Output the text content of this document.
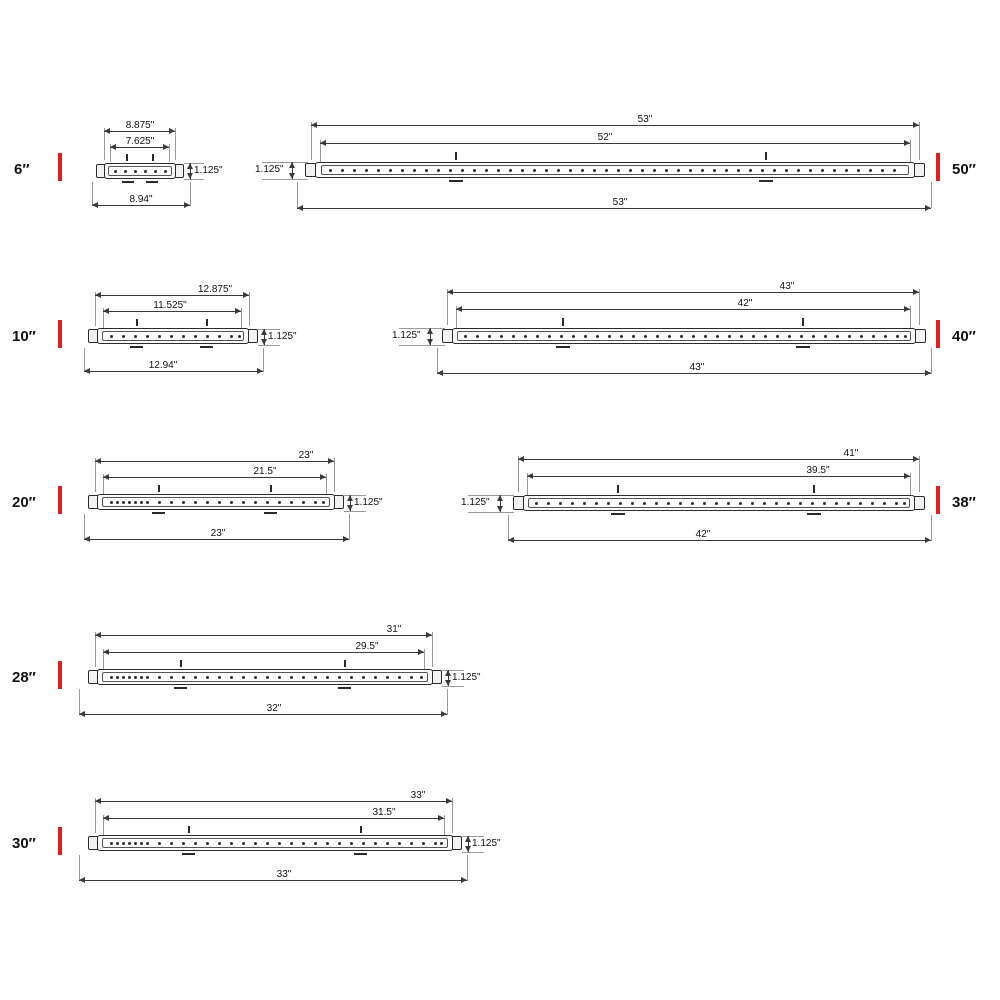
6″
8.875"
7.625"
1.125"
8.94"
50″
53"
52"
1.125"
53"
10″
12.875"
11.525"
1.125"
12.94"
40″
43"
42"
1.125"
43"
20″
23"
21.5"
1.125"
23"
38″
41"
39.5"
1.125"
42"
28″
31"
29.5"
1.125"
32"
30″
33"
31.5"
1.125"
33"
